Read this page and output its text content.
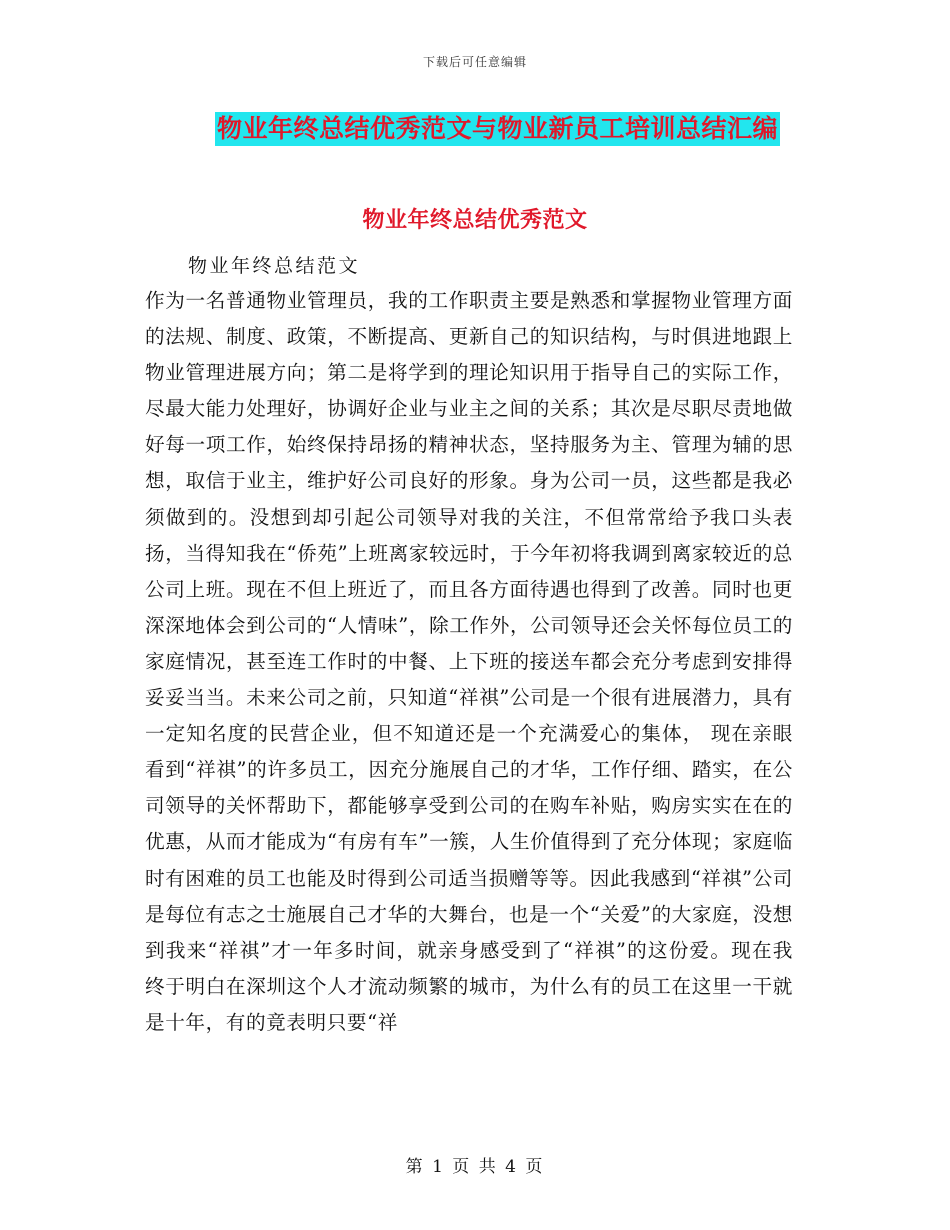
下载后可任意编辑
物业年终总结优秀范文与物业新员工培训总结汇编
物业年终总结优秀范文
物业年终总结范文
作为一名普通物业管理员，我的工作职责主要是熟悉和掌握物业管理方面的法规、制度、政策，不断提高、更新自己的知识结构，与时俱进地跟上物业管理进展方向；第二是将学到的理论知识用于指导自己的实际工作，尽最大能力处理好，协调好企业与业主之间的关系；其次是尽职尽责地做好每一项工作，始终保持昂扬的精神状态，坚持服务为主、管理为辅的思想，取信于业主，维护好公司良好的形象。身为公司一员，这些都是我必须做到的。没想到却引起公司领导对我的关注，不但常常给予我口头表扬，当得知我在“侨苑”上班离家较远时，于今年初将我调到离家较近的总公司上班。现在不但上班近了，而且各方面待遇也得到了改善。同时也更深深地体会到公司的“人情味”，除工作外，公司领导还会关怀每位员工的家庭情况，甚至连工作时的中餐、上下班的接送车都会充分考虑到安排得妥妥当当。未来公司之前，只知道“祥祺”公司是一个很有进展潜力，具有一定知名度的民营企业，但不知道还是一个充满爱心的集体， 现在亲眼看到“祥祺”的许多员工，因充分施展自己的才华，工作仔细、踏实，在公司领导的关怀帮助下，都能够享受到公司的在购车补贴，购房实实在在的优惠，从而才能成为“有房有车”一簇，人生价值得到了充分体现；家庭临时有困难的员工也能及时得到公司适当损赠等等。因此我感到“祥祺”公司是每位有志之士施展自己才华的大舞台，也是一个“关爱”的大家庭，没想到我来“祥祺”才一年多时间，就亲身感受到了“祥祺”的这份爱。现在我终于明白在深圳这个人才流动频繁的城市，为什么有的员工在这里一干就是十年，有的竟表明只要“祥
第 1 页 共 4 页
